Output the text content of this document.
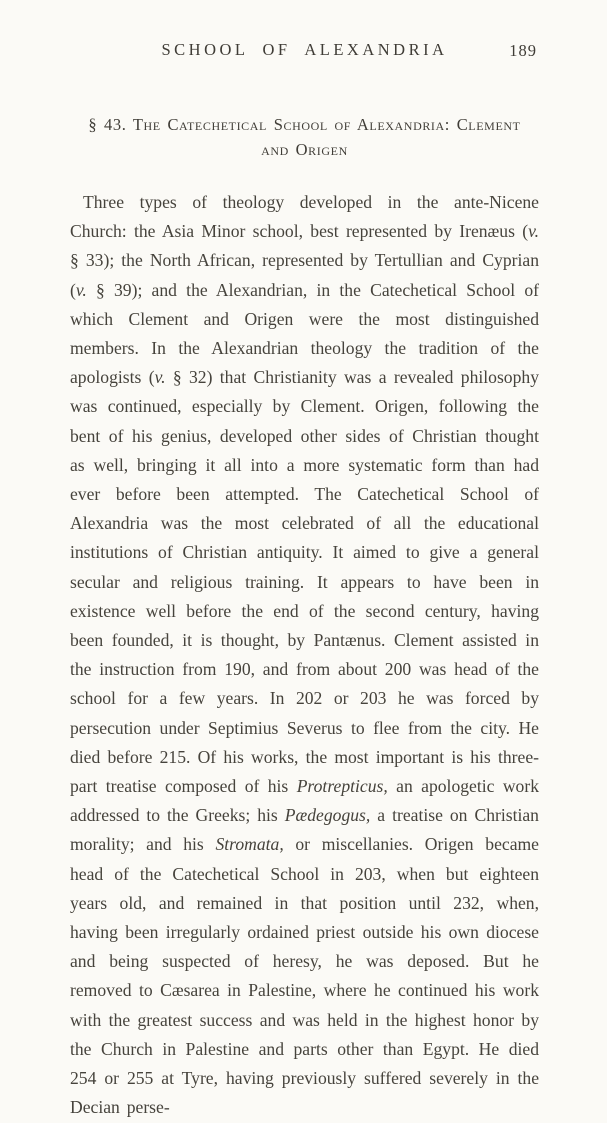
SCHOOL OF ALEXANDRIA	189
§ 43. The Catechetical School of Alexandria: Clement
and Origen

Three types of theology developed in the ante-Nicene Church: the Asia Minor school, best represented by Irenæus (v. § 33); the North African, represented by Tertullian and Cyprian (v. § 39); and the Alexandrian, in the Catechetical School of which Clement and Origen were the most distinguished members. In the Alexandrian theology the tradition of the apologists (v. § 32) that Christianity was a revealed philosophy was continued, especially by Clement. Origen, following the bent of his genius, developed other sides of Christian thought as well, bringing it all into a more systematic form than had ever before been attempted. The Catechetical School of Alexandria was the most celebrated of all the educational institutions of Christian antiquity. It aimed to give a general secular and religious training. It appears to have been in existence well before the end of the second century, having been founded, it is thought, by Pantænus. Clement assisted in the instruction from 190, and from about 200 was head of the school for a few years. In 202 or 203 he was forced by persecution under Septimius Severus to flee from the city. He died before 215. Of his works, the most important is his three-part treatise composed of his Protrepticus, an apologetic work addressed to the Greeks; his Pædegogus, a treatise on Christian morality; and his Stromata, or miscellanies. Origen became head of the Catechetical School in 203, when but eighteen years old, and remained in that position until 232, when, having been irregularly ordained priest outside his own diocese and being suspected of heresy, he was deposed. But he removed to Cæsarea in Palestine, where he continued his work with the greatest success and was held in the highest honor by the Church in Palestine and parts other than Egypt. He died 254 or 255 at Tyre, having previously suffered severely in the Decian perse-
